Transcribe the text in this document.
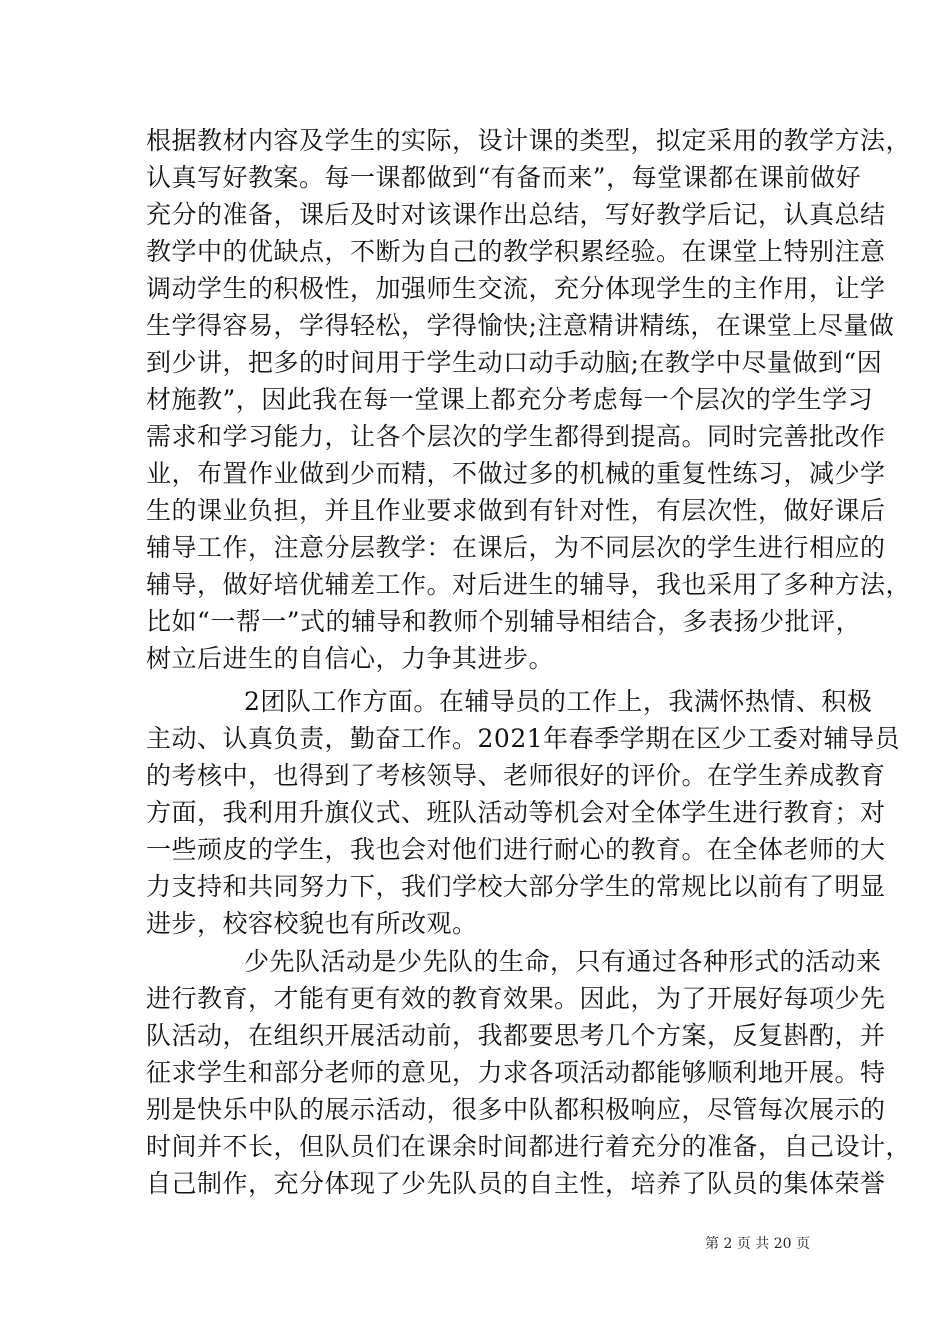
根据教材内容及学生的实际，设计课的类型，拟定采用的教学方法，
认真写好教案。每一课都做到“有备而来”，每堂课都在课前做好
充分的准备，课后及时对该课作出总结，写好教学后记，认真总结
教学中的优缺点，不断为自己的教学积累经验。在课堂上特别注意
调动学生的积极性，加强师生交流，充分体现学生的主作用，让学
生学得容易，学得轻松，学得愉快;注意精讲精练，在课堂上尽量做
到少讲，把多的时间用于学生动口动手动脑;在教学中尽量做到“因
材施教”，因此我在每一堂课上都充分考虑每一个层次的学生学习
需求和学习能力，让各个层次的学生都得到提高。同时完善批改作
业，布置作业做到少而精，不做过多的机械的重复性练习，减少学
生的课业负担，并且作业要求做到有针对性，有层次性，做好课后
辅导工作，注意分层教学：在课后，为不同层次的学生进行相应的
辅导，做好培优辅差工作。对后进生的辅导，我也采用了多种方法，
比如“一帮一”式的辅导和教师个别辅导相结合，多表扬少批评，
树立后进生的自信心，力争其进步。
2团队工作方面。在辅导员的工作上，我满怀热情、积极
主动、认真负责，勤奋工作。2021年春季学期在区少工委对辅导员
的考核中，也得到了考核领导、老师很好的评价。在学生养成教育
方面，我利用升旗仪式、班队活动等机会对全体学生进行教育；对
一些顽皮的学生，我也会对他们进行耐心的教育。在全体老师的大
力支持和共同努力下，我们学校大部分学生的常规比以前有了明显
进步，校容校貌也有所改观。
少先队活动是少先队的生命，只有通过各种形式的活动来
进行教育，才能有更有效的教育效果。因此，为了开展好每项少先
队活动，在组织开展活动前，我都要思考几个方案，反复斟酌，并
征求学生和部分老师的意见，力求各项活动都能够顺利地开展。特
别是快乐中队的展示活动，很多中队都积极响应，尽管每次展示的
时间并不长，但队员们在课余时间都进行着充分的准备，自己设计，
自己制作，充分体现了少先队员的自主性，培养了队员的集体荣誉
第 2 页 共 20 页
